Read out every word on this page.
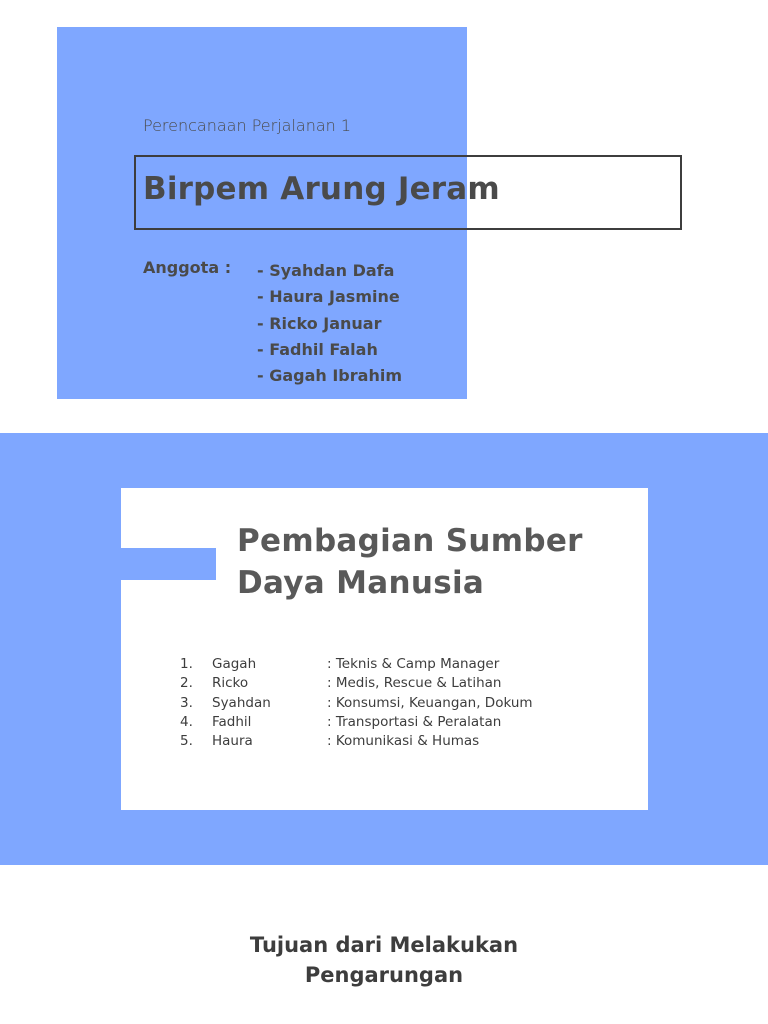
Perencanaan Perjalanan 1
Birpem Arung Jeram
Anggota : - Syahdan Dafa
- Haura Jasmine
- Ricko Januar
- Fadhil Falah
- Gagah Ibrahim
Pembagian Sumber
Daya Manusia
1.	Gagah	: Teknis & Camp Manager
2.	Ricko	: Medis, Rescue & Latihan
3.	Syahdan	: Konsumsi, Keuangan, Dokum
4.	Fadhil	: Transportasi & Peralatan
5.	Haura	: Komunikasi & Humas
Tujuan dari Melakukan
Pengarungan
